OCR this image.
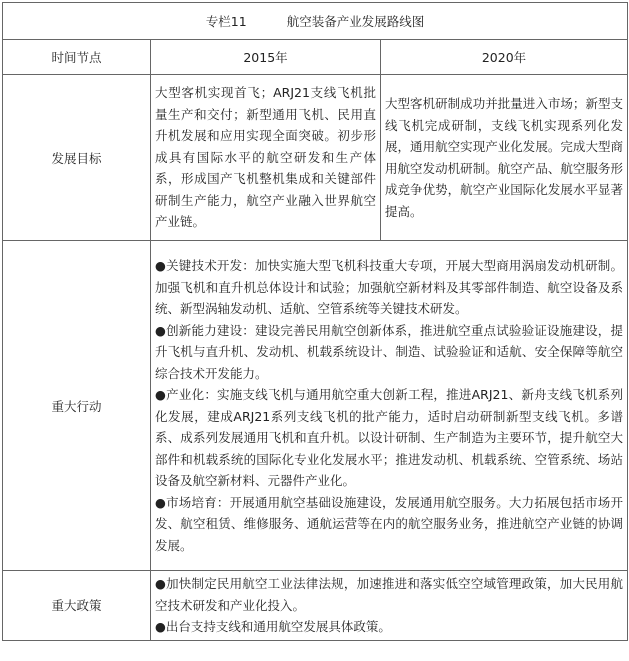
专栏11 航空装备产业发展路线图		
时间节点	2015年	2020年
发展目标	大型客机实现首飞；ARJ21支线飞机批量生产和交付；新型通用飞机、民用直升机发展和应用实现全面突破。初步形成具有国际水平的航空研发和生产体系，形成国产飞机整机集成和关键部件研制生产能力，航空产业融入世界航空产业链。	大型客机研制成功并批量进入市场；新型支线飞机完成研制，支线飞机实现系列化发展，通用航空实现产业化发展。完成大型商用航空发动机研制。航空产品、航空服务形成竞争优势，航空产业国际化发展水平显著提高。
重大行动	●关键技术开发：加快实施大型飞机科技重大专项，开展大型商用涡扇发动机研制。加强飞机和直升机总体设计和试验；加强航空新材料及其零部件制造、航空设备及系统、新型涡轴发动机、适航、空管系统等关键技术研发。

●创新能力建设：建设完善民用航空创新体系，推进航空重点试验验证设施建设，提升飞机与直升机、发动机、机载系统设计、制造、试验验证和适航、安全保障等航空综合技术开发能力。

●产业化：实施支线飞机与通用航空重大创新工程，推进ARJ21、新舟支线飞机系列化发展，建成ARJ21系列支线飞机的批产能力，适时启动研制新型支线飞机。多谱系、成系列发展通用飞机和直升机。以设计研制、生产制造为主要环节，提升航空大部件和机载系统的国际化专业化发展水平；推进发动机、机载系统、空管系统、场站设备及航空新材料、元器件产业化。

●市场培育：开展通用航空基础设施建设，发展通用航空服务。大力拓展包括市场开发、航空租赁、维修服务、通航运营等在内的航空服务业务，推进航空产业链的协调发展。	

重大政策	●加快制定民用航空工业法律法规，加速推进和落实低空空域管理政策，加大民用航空技术研发和产业化投入。

●出台支持支线和通用航空发展具体政策。	
